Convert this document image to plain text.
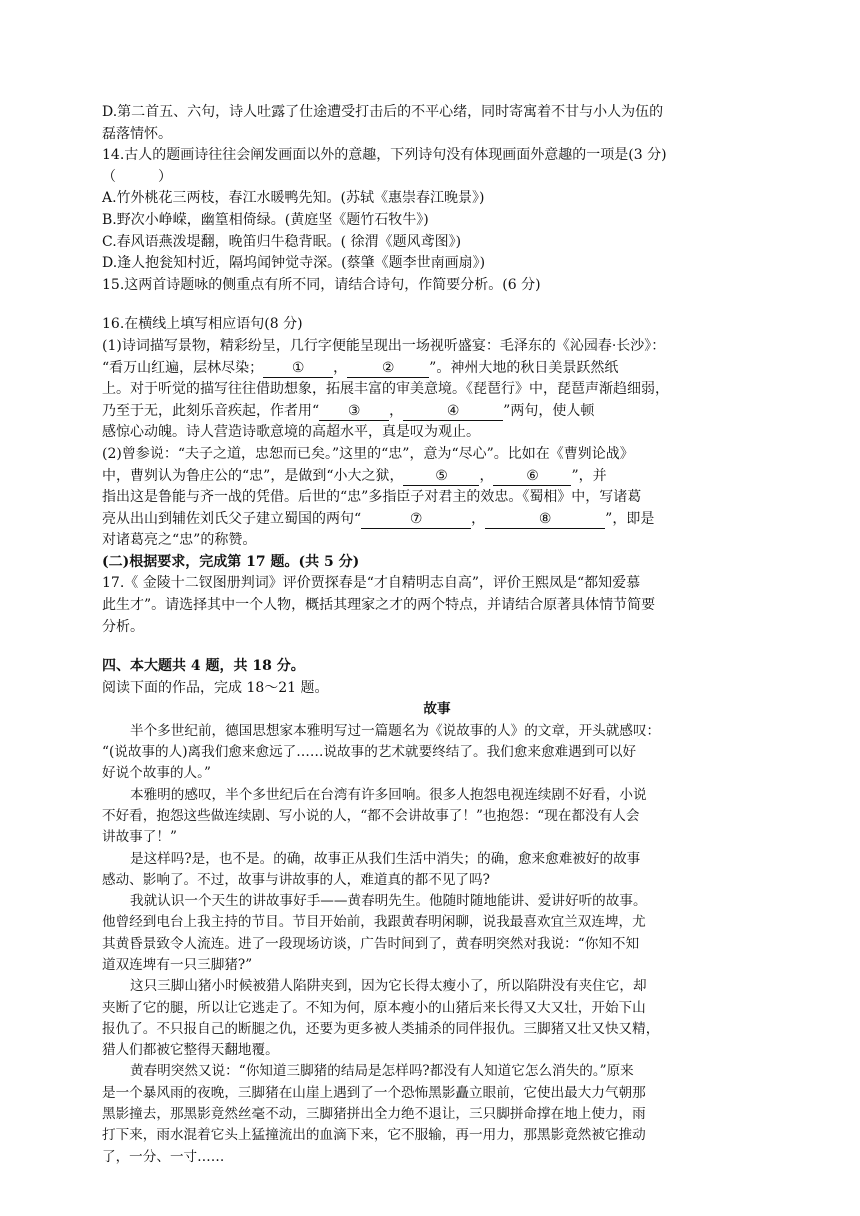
D.第二首五、六句，诗人吐露了仕途遭受打击后的不平心绪，同时寄寓着不甘与小人为伍的

磊落情怀。

14.古人的题画诗往往会阐发画面以外的意趣，下列诗句没有体现画面外意趣的一项是(3 分)

（　　　）

A.竹外桃花三两枝，春江水暖鸭先知。(苏轼《惠崇春江晚景》)

B.野次小峥嵘，幽篁相倚绿。(黄庭坚《题竹石牧牛》)

C.春风语燕泼堤翻，晚笛归牛稳背眠。( 徐渭《题风鸢图》)

D.逢人抱瓮知村近，隔坞闻钟觉寺深。(蔡肇《题李世南画扇》)

15.这两首诗题咏的侧重点有所不同，请结合诗句，作简要分析。(6 分)

16.在横线上填写相应语句(8 分)

(1)诗词描写景物，精彩纷呈，几行字便能呈现出一场视听盛宴：毛泽东的《沁园春·长沙》：

“看万山红遍，层林尽染； ① ， ② ”。神州大地的秋日美景跃然纸

上。对于听觉的描写往往借助想象，拓展丰富的审美意境。《琵琶行》中，琵琶声渐趋细弱，

乃至于无，此刻乐音疾起，作者用“ ③ ，	④	”两句，使人顿

感惊心动魄。诗人营造诗歌意境的高超水平，真是叹为观止。

(2)曾参说：“夫子之道，忠恕而已矣。”这里的“忠”，意为“尽心”。比如在《曹刿论战》

中，曹刿认为鲁庄公的“忠”，是做到“小大之狱， ⑤ ， ⑥ ”，并

指出这是鲁能与齐一战的凭借。后世的“忠”多指臣子对君主的效忠。《蜀相》中，写诸葛

亮从出山到辅佐刘氏父子建立蜀国的两句“	⑦	，	⑧	”，即是

对诸葛亮之“忠”的称赞。

(二)根据要求，完成第 17 题。(共 5 分)

17.《 金陵十二钗图册判词》评价贾探春是“才自精明志自高”，评价王熙凤是“都知爱慕

此生才”。请选择其中一个人物，概括其理家之才的两个特点，并请结合原著具体情节简要

分析。

四、本大题共 4 题，共 18 分。

阅读下面的作品，完成 18～21 题。

故事

半个多世纪前，德国思想家本雅明写过一篇题名为《说故事的人》的文章，开头就感叹：

“(说故事的人)离我们愈来愈远了……说故事的艺术就要终结了。我们愈来愈难遇到可以好

好说个故事的人。”

本雅明的感叹，半个多世纪后在台湾有许多回响。很多人抱怨电视连续剧不好看，小说

不好看，抱怨这些做连续剧、写小说的人，“都不会讲故事了！”也抱怨：“现在都没有人会

讲故事了！”

是这样吗?是，也不是。的确，故事正从我们生活中消失；的确，愈来愈难被好的故事

感动、影响了。不过，故事与讲故事的人，难道真的都不见了吗?

我就认识一个天生的讲故事好手——黄春明先生。他随时随地能讲、爱讲好听的故事。

他曾经到电台上我主持的节目。节目开始前，我跟黄春明闲聊，说我最喜欢宜兰双连埤，尤

其黄昏景致令人流连。进了一段现场访谈，广告时间到了，黄春明突然对我说：“你知不知

道双连埤有一只三脚猪?”

这只三脚山猪小时候被猎人陷阱夹到，因为它长得太瘦小了，所以陷阱没有夹住它，却

夹断了它的腿，所以让它逃走了。不知为何，原本瘦小的山猪后来长得又大又壮，开始下山

报仇了。不只报自己的断腿之仇，还要为更多被人类捕杀的同伴报仇。三脚猪又壮又快又精，

猎人们都被它整得天翻地覆。

黄春明突然又说：“你知道三脚猪的结局是怎样吗?都没有人知道它怎么消失的。”原来

是一个暴风雨的夜晚，三脚猪在山崖上遇到了一个恐怖黑影矗立眼前，它使出最大力气朝那

黑影撞去，那黑影竟然丝毫不动，三脚猪拼出全力绝不退让，三只脚拼命撑在地上使力，雨

打下来，雨水混着它头上猛撞流出的血滴下来，它不服输，再一用力，那黑影竟然被它推动

了，一分、一寸……
